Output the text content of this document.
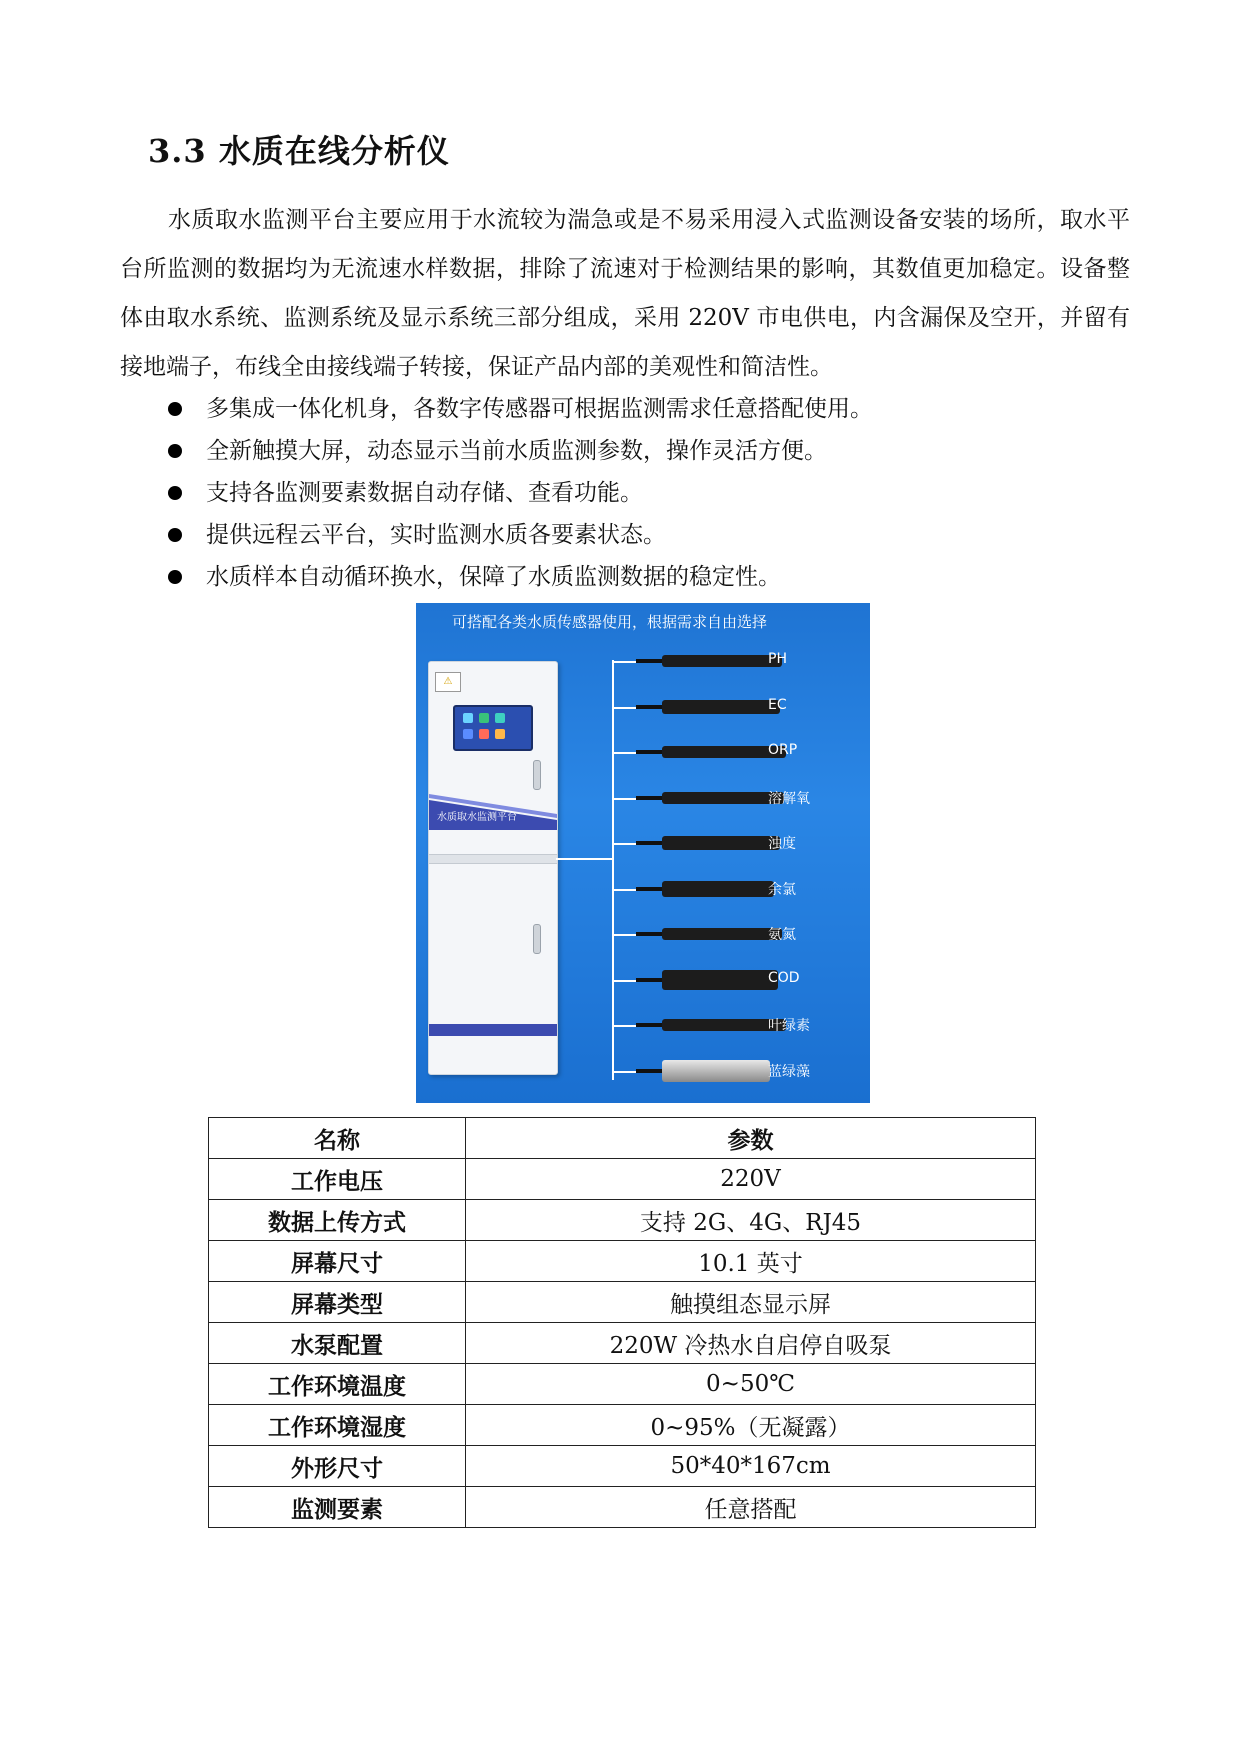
3.3 水质在线分析仪

水质取水监测平台主要应用于水流较为湍急或是不易采用浸入式监测设备安装的场所，取水平台所监测的数据均为无流速水样数据，排除了流速对于检测结果的影响，其数值更加稳定。设备整体由取水系统、监测系统及显示系统三部分组成，采用 220V 市电供电，内含漏保及空开，并留有接地端子，布线全由接线端子转接，保证产品内部的美观性和简洁性。

多集成一体化机身，各数字传感器可根据监测需求任意搭配使用。
全新触摸大屏，动态显示当前水质监测参数，操作灵活方便。
支持各监测要素数据自动存储、查看功能。
提供远程云平台，实时监测水质各要素状态。
水质样本自动循环换水，保障了水质监测数据的稳定性。
可搭配各类水质传感器使用，根据需求自由选择
⚠
水质取水监测平台
PH
EC
ORP
溶解氧
浊度
余氯
氨氮
COD
叶绿素
蓝绿藻
名称	参数
工作电压	220V
数据上传方式	支持 2G、4G、RJ45
屏幕尺寸	10.1 英寸
屏幕类型	触摸组态显示屏
水泵配置	220W 冷热水自启停自吸泵
工作环境温度	0~50℃
工作环境湿度	0~95%（无凝露）
外形尺寸	50*40*167cm
监测要素	任意搭配
